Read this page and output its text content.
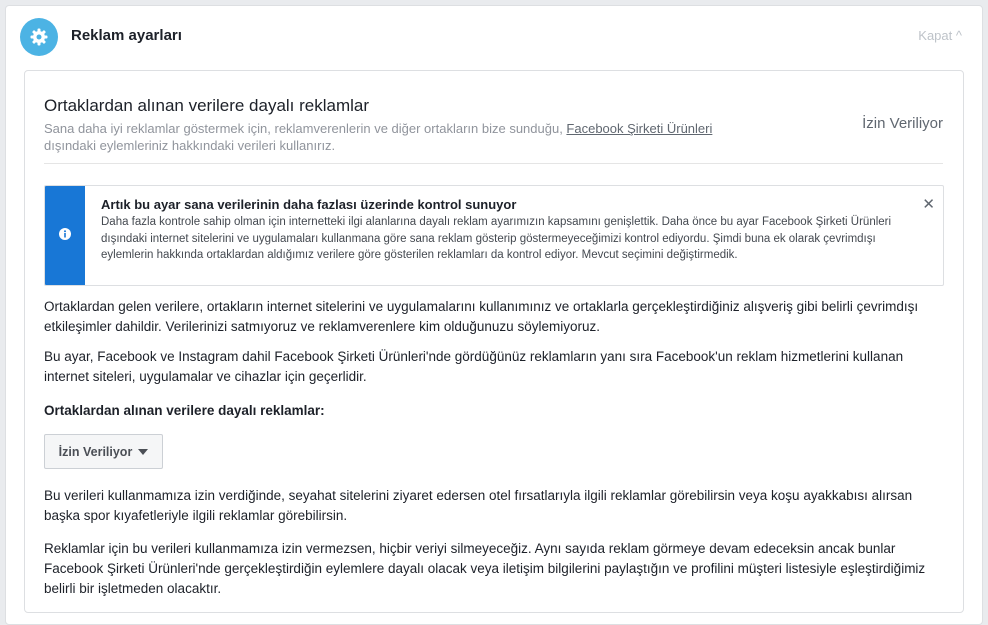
Reklam ayarları	Kapat ^
Ortaklardan alınan verilere dayalı reklamlar
Sana daha iyi reklamlar göstermek için, reklamverenlerin ve diğer ortakların bize sunduğu, Facebook Şirketi Ürünleri dışındaki eylemleriniz hakkındaki verileri kullanırız.
İzin Veriliyor
Artık bu ayar sana verilerinin daha fazlası üzerinde kontrol sunuyor
Daha fazla kontrole sahip olman için internetteki ilgi alanlarına dayalı reklam ayarımızın kapsamını genişlettik. Daha önce bu ayar Facebook Şirketi Ürünleri dışındaki internet sitelerini ve uygulamaları kullanmana göre sana reklam gösterip göstermeyeceğimizi kontrol ediyordu. Şimdi buna ek olarak çevrimdışı eylemlerin hakkında ortaklardan aldığımız verilere göre gösterilen reklamları da kontrol ediyor. Mevcut seçimini değiştirmedik.
✕
Ortaklardan gelen verilere, ortakların internet sitelerini ve uygulamalarını kullanımınız ve ortaklarla gerçekleştirdiğiniz alışveriş gibi belirli çevrimdışı etkileşimler dahildir. Verilerinizi satmıyoruz ve reklamverenlere kim olduğunuzu söylemiyoruz.
Bu ayar, Facebook ve Instagram dahil Facebook Şirketi Ürünleri'nde gördüğünüz reklamların yanı sıra Facebook'un reklam hizmetlerini kullanan internet siteleri, uygulamalar ve cihazlar için geçerlidir.
Ortaklardan alınan verilere dayalı reklamlar:
İzin Veriliyor
Bu verileri kullanmamıza izin verdiğinde, seyahat sitelerini ziyaret edersen otel fırsatlarıyla ilgili reklamlar görebilirsin veya koşu ayakkabısı alırsan başka spor kıyafetleriyle ilgili reklamlar görebilirsin.
Reklamlar için bu verileri kullanmamıza izin vermezsen, hiçbir veriyi silmeyeceğiz. Aynı sayıda reklam görmeye devam edeceksin ancak bunlar Facebook Şirketi Ürünleri'nde gerçekleştirdiğin eylemlere dayalı olacak veya iletişim bilgilerini paylaştığın ve profilini müşteri listesiyle eşleştirdiğimiz belirli bir işletmeden olacaktır.
